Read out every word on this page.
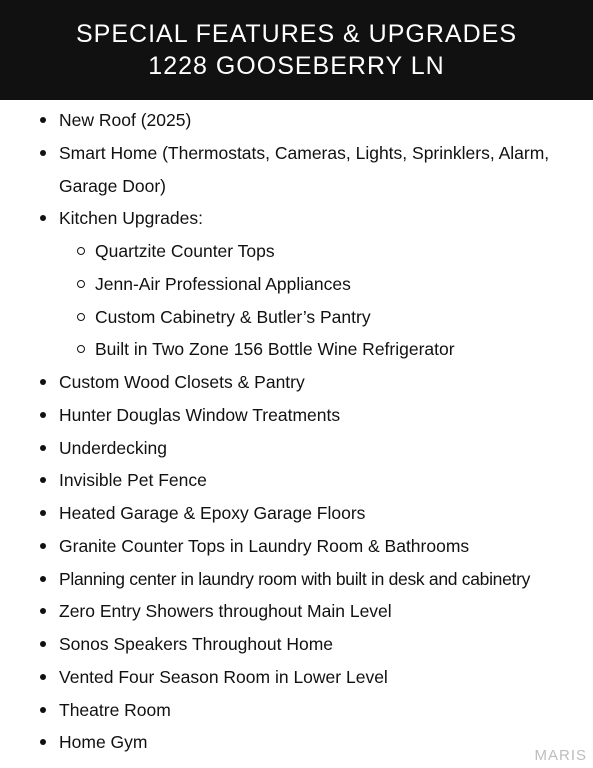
SPECIAL FEATURES & UPGRADES
1228 GOOSEBERRY LN
New Roof (2025)
Smart Home (Thermostats, Cameras, Lights, Sprinklers, Alarm, Garage Door)
Kitchen Upgrades:
Quartzite Counter Tops
Jenn-Air Professional Appliances
Custom Cabinetry & Butler’s Pantry
Built in Two Zone 156 Bottle Wine Refrigerator
Custom Wood Closets & Pantry
Hunter Douglas Window Treatments
Underdecking
Invisible Pet Fence
Heated Garage & Epoxy Garage Floors
Granite Counter Tops in Laundry Room & Bathrooms
Planning center in laundry room with built in desk and cabinetry
Zero Entry Showers throughout Main Level
Sonos Speakers Throughout Home
Vented Four Season Room in Lower Level
Theatre Room
Home Gym
MARIS
